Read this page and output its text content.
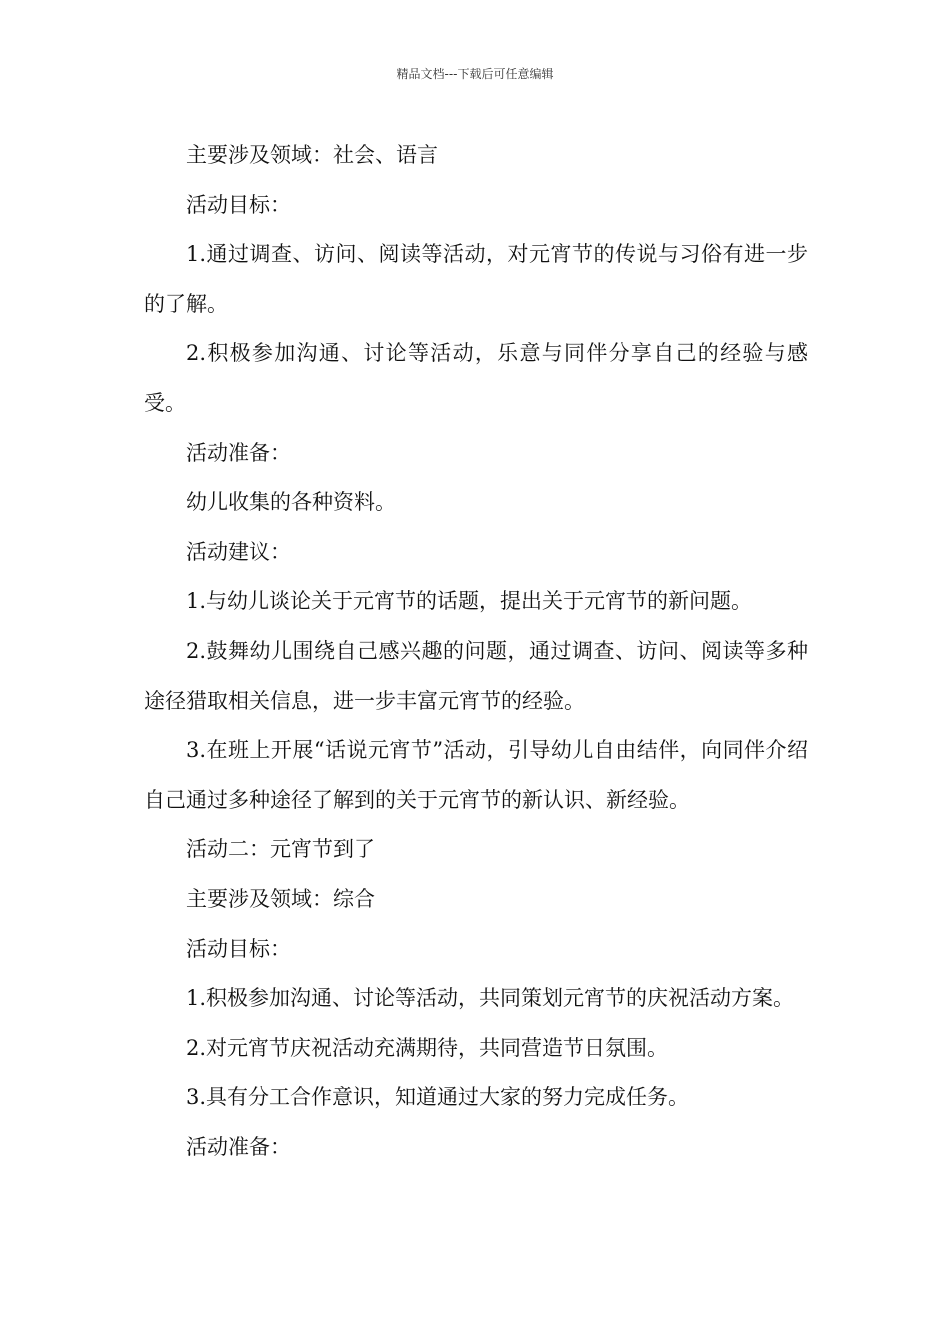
精品文档---下载后可任意编辑

主要涉及领域：社会、语言

活动目标：

1.通过调查、访问、阅读等活动，对元宵节的传说与习俗有进一步的了解。

2.积极参加沟通、讨论等活动，乐意与同伴分享自己的经验与感受。

活动准备：

幼儿收集的各种资料。

活动建议：

1.与幼儿谈论关于元宵节的话题，提出关于元宵节的新问题。

2.鼓舞幼儿围绕自己感兴趣的问题，通过调查、访问、阅读等多种途径猎取相关信息，进一步丰富元宵节的经验。

3.在班上开展“话说元宵节”活动，引导幼儿自由结伴，向同伴介绍自己通过多种途径了解到的关于元宵节的新认识、新经验。

活动二：元宵节到了

主要涉及领域：综合

活动目标：

1.积极参加沟通、讨论等活动，共同策划元宵节的庆祝活动方案。

2.对元宵节庆祝活动充满期待，共同营造节日氛围。

3.具有分工合作意识，知道通过大家的努力完成任务。

活动准备：
